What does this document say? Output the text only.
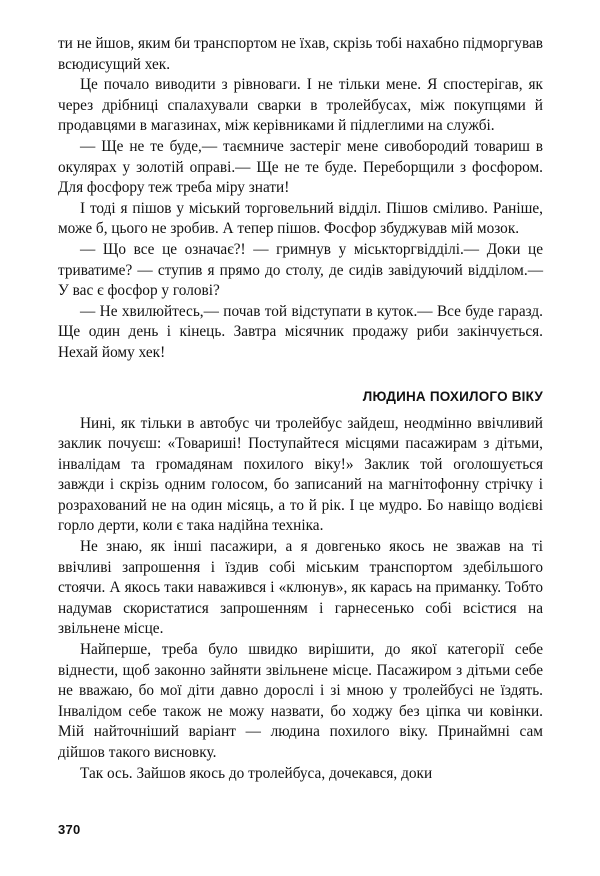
ти не йшов, яким би транспортом не їхав, скрізь тобі нахабно підморгував всюдисущий хек.

Це почало виводити з рівноваги. І не тільки мене. Я спостерігав, як через дрібниці спалахували сварки в тролейбусах, між покупцями й продавцями в магазинах, між керівниками й підлеглими на службі.

— Ще не те буде,— таємниче застеріг мене сивобородий товариш в окулярах у золотій оправі.— Ще не те буде. Переборщили з фосфором. Для фосфору теж треба міру знати!

І тоді я пішов у міський торговельний відділ. Пішов сміливо. Раніше, може б, цього не зробив. А тепер пішов. Фосфор збуджував мій мозок.

— Що все це означає?! — гримнув у міськторгвідділі.— Доки це триватиме? — ступив я прямо до столу, де сидів завідуючий відділом.— У вас є фосфор у голові?

— Не хвилюйтесь,— почав той відступати в куток.— Все буде гаразд. Ще один день і кінець. Завтра місячник продажу риби закінчується. Нехай йому хек!

ЛЮДИНА ПОХИЛОГО ВІКУ

Нині, як тільки в автобус чи тролейбус зайдеш, неодмінно ввічливий заклик почуєш: «Товариші! Поступайтеся місцями пасажирам з дітьми, інвалідам та громадянам похилого віку!» Заклик той оголошується завжди і скрізь одним голосом, бо записаний на магнітофонну стрічку і розрахований не на один місяць, а то й рік. І це мудро. Бо навіщо водієві горло дерти, коли є така надійна техніка.

Не знаю, як інші пасажири, а я довгенько якось не зважав на ті ввічливі запрошення і їздив собі міським транспортом здебільшого стоячи. А якось таки наважився і «клюнув», як карась на приманку. Тобто надумав скористатися запрошенням і гарнесенько собі всістися на звільнене місце.

Найперше, треба було швидко вирішити, до якої категорії себе віднести, щоб законно зайняти звільнене місце. Пасажиром з дітьми себе не вважаю, бо мої діти давно дорослі і зі мною у тролейбусі не їздять. Інвалідом себе також не можу назвати, бо ходжу без ціпка чи ковінки. Мій найточніший варіант — людина похилого віку. Принаймні сам дійшов такого висновку.

Так ось. Зайшов якось до тролейбуса, дочекався, доки

370
